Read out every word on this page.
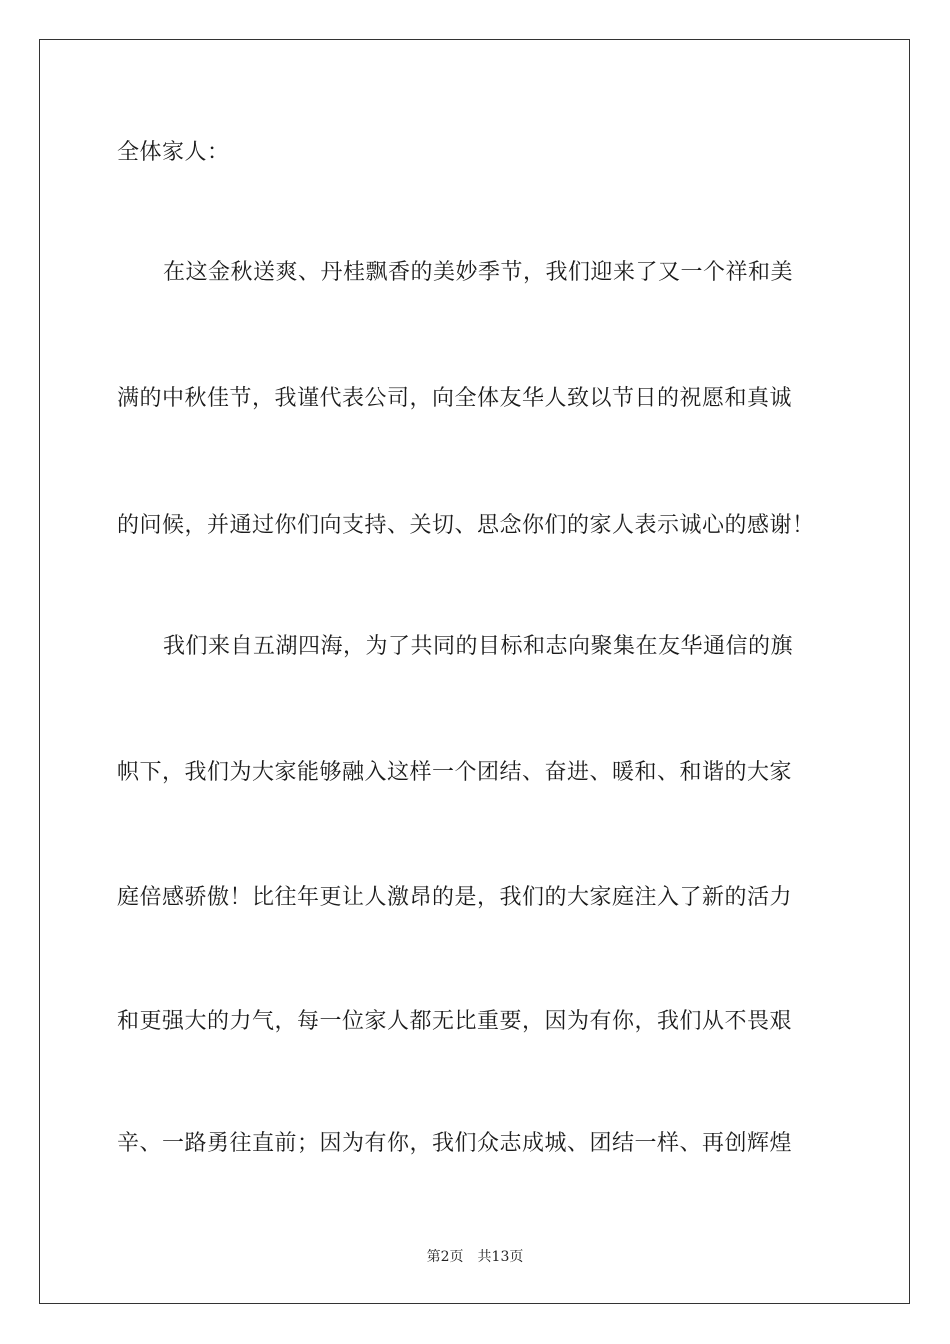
全体家人：
在这金秋送爽、丹桂飘香的美妙季节，我们迎来了又一个祥和美
满的中秋佳节，我谨代表公司，向全体友华人致以节日的祝愿和真诚
的问候，并通过你们向支持、关切、思念你们的家人表示诚心的感谢！
我们来自五湖四海，为了共同的目标和志向聚集在友华通信的旗
帜下，我们为大家能够融入这样一个团结、奋进、暖和、和谐的大家
庭倍感骄傲！比往年更让人激昂的是，我们的大家庭注入了新的活力
和更强大的力气，每一位家人都无比重要，因为有你，我们从不畏艰
辛、一路勇往直前；因为有你，我们众志成城、团结一样、再创辉煌
第2页 共13页
